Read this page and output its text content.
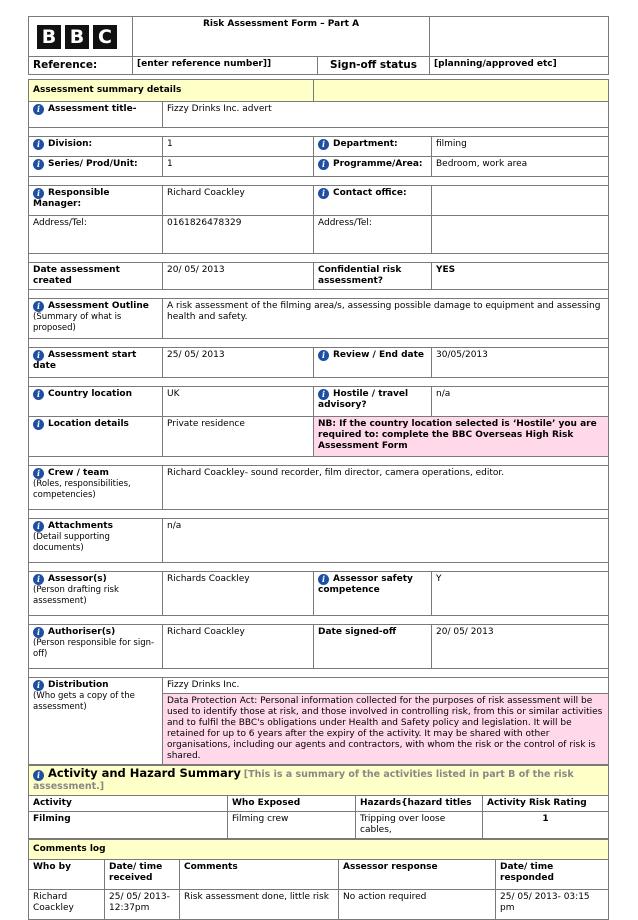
B B C	Risk Assessment Form – Part A		
Reference:	[enter reference number]]	Sign-off status	[planning/approved etc]
Assessment summary details			
i Assessment title-	Fizzy Drinks Inc. advert		

i Division:	1	i Department:	filming
i Series/ Prod/Unit:	1	i Programme/Area:	Bedroom, work area

i Responsible Manager:	Richard Coackley	i Contact office:	
Address/Tel:	0161826478329	Address/Tel:	

Date assessment created	20/ 05/ 2013	Confidential risk assessment?	YES

i Assessment Outline
(Summary of what is proposed)	A risk assessment of the filming area/s, assessing possible damage to equipment and assessing health and safety.		

i Assessment start date	25/ 05/ 2013	i Review / End date	30/05/2013

i Country location	UK	i Hostile / travel advisory?	n/a
i Location details	Private residence	NB: If the country location selected is ‘Hostile’ you are required to: complete the BBC Overseas High Risk Assessment Form	

i Crew / team
(Roles, responsibilities, competencies)	Richard Coackley- sound recorder, film director, camera operations, editor.		

i Attachments
(Detail supporting documents)	n/a		

i Assessor(s)
(Person drafting risk assessment)	Richards Coackley	i Assessor safety competence	Y

i Authoriser(s)
(Person responsible for sign-off)	Richard Coackley	Date signed-off	20/ 05/ 2013

i Distribution
(Who gets a copy of the assessment)	Fizzy Drinks Inc.		
	Data Protection Act: Personal information collected for the purposes of risk assessment will be used to identify those at risk, and those involved in controlling risk, from this or similar activities and to fulfil the BBC's obligations under Health and Safety policy and legislation. It will be retained for up to 6 years after the expiry of the activity. It may be shared with other organisations, including our agents and contractors, with whom the risk or the control of risk is shared.		
i Activity and Hazard Summary [This is a summary of the activities listed in part B of the risk assessment.]			
Activity	Who Exposed	Hazards{hazard titles	Activity Risk Rating
Filming	Filming crew	Tripping over loose cables,	1
Comments log				
Who by	Date/ time received	Comments	Assessor response	Date/ time responded
Richard Coackley	25/ 05/ 2013- 12:37pm	Risk assessment done, little risk	No action required	25/ 05/ 2013- 03:15 pm
